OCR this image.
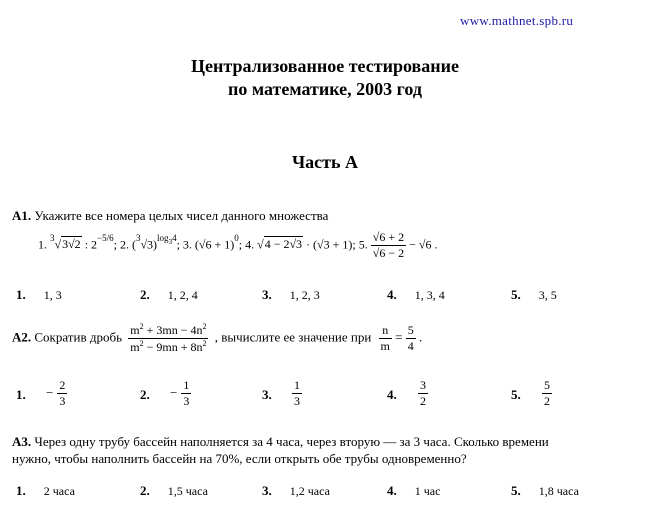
www.mathnet.spb.ru
Централизованное тестирование
по математике, 2003 год
Часть А
А1. Укажите все номера целых чисел данного множества
1. $^3$√3√2 : $2^{-5/6}$; 2. $(^3√3)^{log_34}$; 3. $(√6 + 1)^0$; 4. √4 − 2√3 · (√3 + 1); 5. $\frac{√6 + 2}{√6 - 2} - √6$ .
1. 1, 3	2. 1, 2, 4	3. 1, 2, 3	4. 1, 3, 4	5. 3, 5
А2. Сократив дробь $\frac{m^2 + 3mn - 4n^2}{m^2 - 9mn + 8n^2}$ , вычислите ее значение при $\frac{n}{m} = \frac{5}{4}$ .
1. − $\frac{2}{3}$	2. − $\frac{1}{3}$	3. $\frac{1}{3}$	4. $\frac{3}{2}$	5. $\frac{5}{2}$
А3. Через одну трубу бассейн наполняется за 4 часа, через вторую — за 3 часа. Сколько времени
нужно, чтобы наполнить бассейн на 70%, если открыть обе трубы одновременно?
1. 2 часа	2. 1,5 часа	3. 1,2 часа	4. 1 час	5. 1,8 часа
